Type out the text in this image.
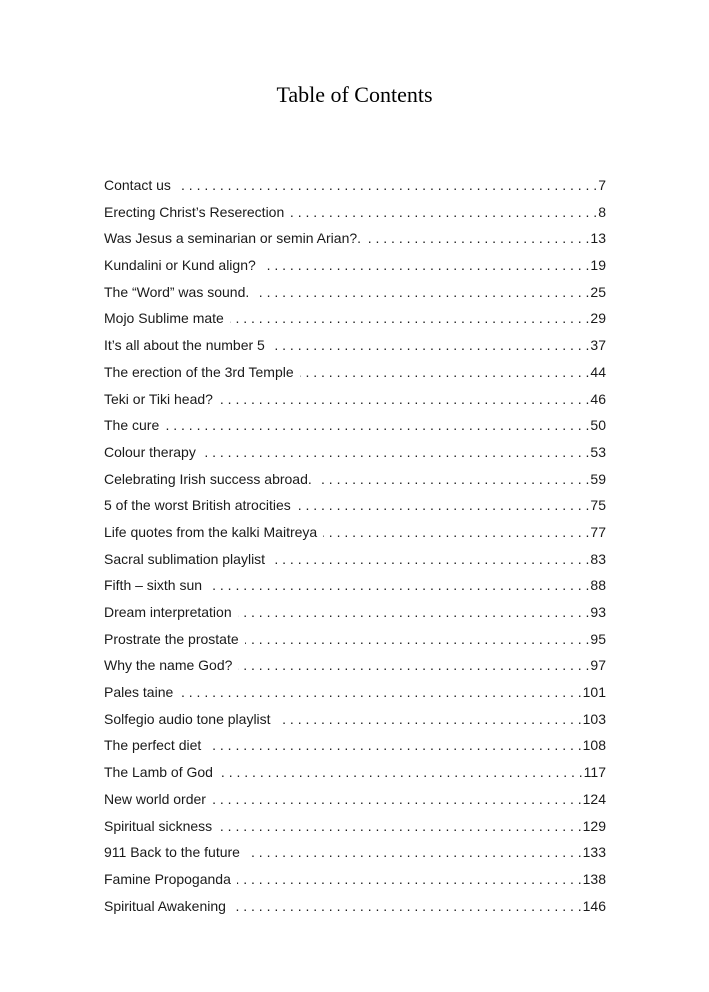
Table of Contents
Contact us . . .	7
Erecting Christ’s Reserection . . .	8
Was Jesus a seminarian or semin Arian?. . . .	13
Kundalini or Kund align? . . .	19
The “Word” was sound. . . .	25
Mojo Sublime mate . . .	29
It’s all about the number 5 . . .	37
The erection of the 3rd Temple . . .	44
Teki or Tiki head? . . .	46
The cure . . .	50
Colour therapy . . .	53
Celebrating Irish success abroad. . . .	59
5 of the worst British atrocities . . .	75
Life quotes from the kalki Maitreya . . .	77
Sacral sublimation playlist . . .	83
Fifth – sixth sun . . .	88
Dream interpretation . . .	93
Prostrate the prostate . . .	95
Why the name God? . . .	97
Pales taine . . .	101
Solfegio audio tone playlist . . .	103
The perfect diet . . .	108
The Lamb of God . . .	117
New world order . . .	124
Spiritual sickness . . .	129
911 Back to the future . . .	133
Famine Propoganda . . .	138
Spiritual Awakening . . .	146
